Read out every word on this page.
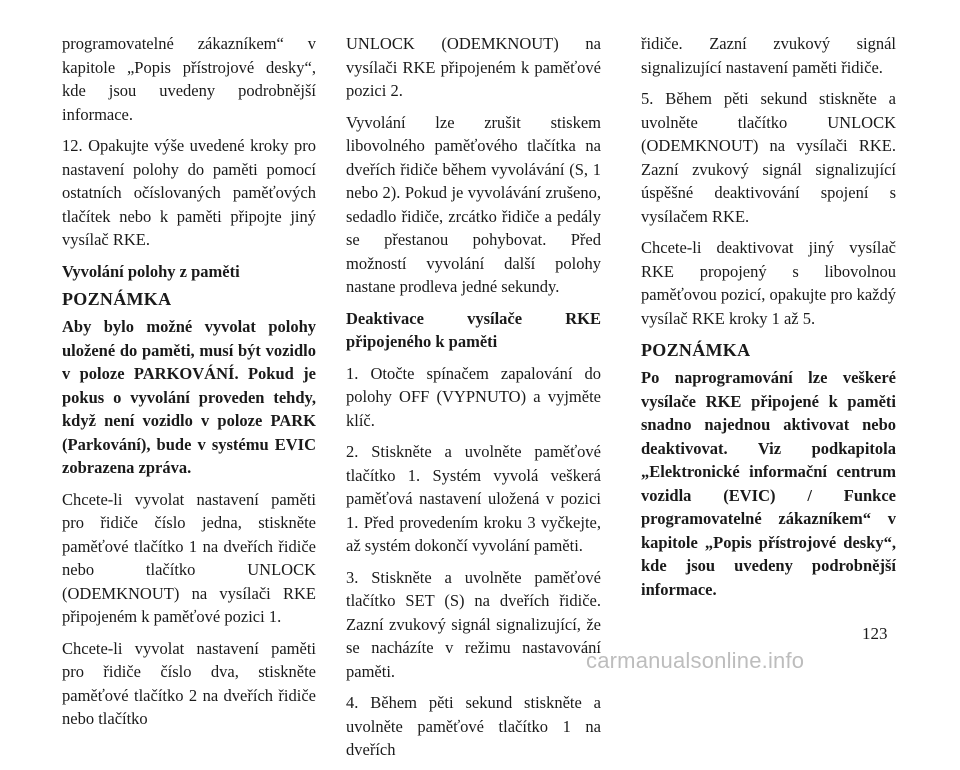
programovatelné zákazníkem“ v kapitole „Popis přístrojové desky“, kde jsou uvedeny podrobnější informace.

12. Opakujte výše uvedené kroky pro nastavení polohy do paměti pomocí ostatních očíslovaných paměťových tlačítek nebo k paměti připojte jiný vysílač RKE.

Vyvolání polohy z paměti

POZNÁMKA

Aby bylo možné vyvolat polohy uložené do paměti, musí být vozidlo v poloze PARKOVÁNÍ. Pokud je pokus o vyvolání proveden tehdy, když není vozidlo v poloze PARK (Parkování), bude v systému EVIC zobrazena zpráva.

Chcete-li vyvolat nastavení paměti pro řidiče číslo jedna, stiskněte paměťové tlačítko 1 na dveřích řidiče nebo tlačítko UNLOCK (ODEMKNOUT) na vysílači RKE připojeném k paměťové pozici 1.

Chcete-li vyvolat nastavení paměti pro řidiče číslo dva, stiskněte paměťové tlačítko 2 na dveřích řidiče nebo tlačítko

UNLOCK (ODEMKNOUT) na vysílači RKE připojeném k paměťové pozici 2.

Vyvolání lze zrušit stiskem libovolného paměťového tlačítka na dveřích řidiče během vyvolávání (S, 1 nebo 2). Pokud je vyvolávání zrušeno, sedadlo řidiče, zrcátko řidiče a pedály se přestanou pohybovat. Před možností vyvolání další polohy nastane prodleva jedné sekundy.

Deaktivace vysílače RKE připojeného k paměti

1. Otočte spínačem zapalování do polohy OFF (VYPNUTO) a vyjměte klíč.

2. Stiskněte a uvolněte paměťové tlačítko 1. Systém vyvolá veškerá paměťová nastavení uložená v pozici 1. Před provedením kroku 3 vyčkejte, až systém dokončí vyvolání paměti.

3. Stiskněte a uvolněte paměťové tlačítko SET (S) na dveřích řidiče. Zazní zvukový signál signalizující, že se nacházíte v režimu nastavování paměti.

4. Během pěti sekund stiskněte a uvolněte paměťové tlačítko 1 na dveřích

řidiče. Zazní zvukový signál signalizující nastavení paměti řidiče.

5. Během pěti sekund stiskněte a uvolněte tlačítko UNLOCK (ODEMKNOUT) na vysílači RKE. Zazní zvukový signál signalizující úspěšné deaktivování spojení s vysílačem RKE.

Chcete-li deaktivovat jiný vysílač RKE propojený s libovolnou paměťovou pozicí, opakujte pro každý vysílač RKE kroky 1 až 5.

POZNÁMKA

Po naprogramování lze veškeré vysílače RKE připojené k paměti snadno najednou aktivovat nebo deaktivovat. Viz podkapitola „Elektronické informační centrum vozidla (EVIC) / Funkce programovatelné zákazníkem“ v kapitole „Popis přístrojové desky“, kde jsou uvedeny podrobnější informace.

123
carmanualsonline.info
